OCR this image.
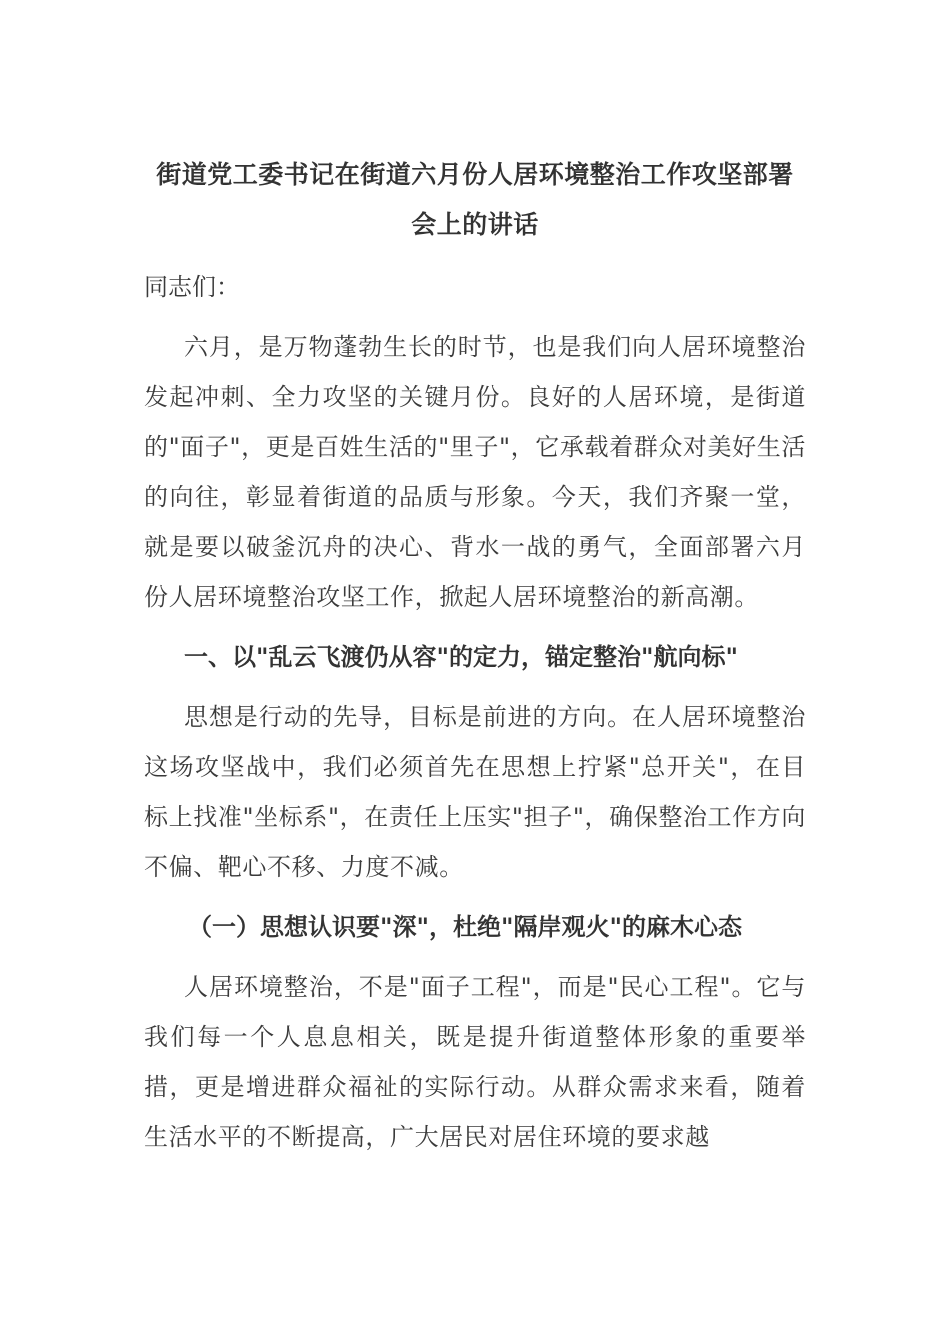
街道党工委书记在街道六月份人居环境整治工作攻坚部署会上的讲话

同志们：

六月，是万物蓬勃生长的时节，也是我们向人居环境整治发起冲刺、全力攻坚的关键月份。良好的人居环境，是街道的"面子"，更是百姓生活的"里子"，它承载着群众对美好生活的向往，彰显着街道的品质与形象。今天，我们齐聚一堂，就是要以破釜沉舟的决心、背水一战的勇气，全面部署六月份人居环境整治攻坚工作，掀起人居环境整治的新高潮。

一、以"乱云飞渡仍从容"的定力，锚定整治"航向标"

思想是行动的先导，目标是前进的方向。在人居环境整治这场攻坚战中，我们必须首先在思想上拧紧"总开关"，在目标上找准"坐标系"，在责任上压实"担子"，确保整治工作方向不偏、靶心不移、力度不减。

（一）思想认识要"深"，杜绝"隔岸观火"的麻木心态

人居环境整治，不是"面子工程"，而是"民心工程"。它与我们每一个人息息相关，既是提升街道整体形象的重要举措，更是增进群众福祉的实际行动。从群众需求来看，随着生活水平的不断提高，广大居民对居住环境的要求越
